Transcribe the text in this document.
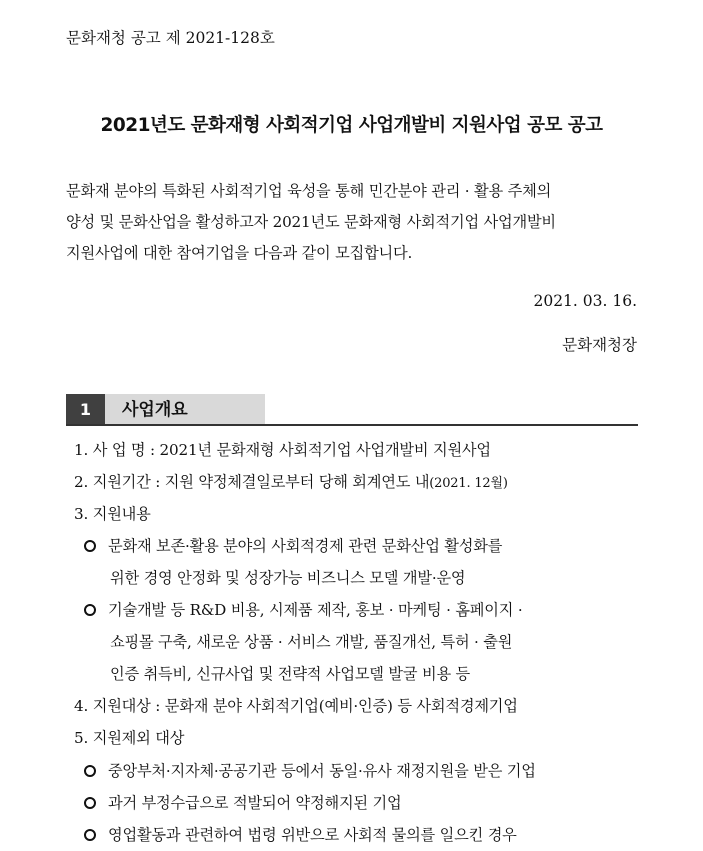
문화재청 공고 제 2021-128호
2021년도 문화재형 사회적기업 사업개발비 지원사업 공모 공고
문화재 분야의 특화된 사회적기업 육성을 통해 민간분야 관리 · 활용 주체의
양성 및 문화산업을 활성하고자 2021년도 문화재형 사회적기업 사업개발비
지원사업에 대한 참여기업을 다음과 같이 모집합니다.
2021. 03. 16.
문화재청장
1	사업개요
1. 사 업 명 : 2021년 문화재형 사회적기업 사업개발비 지원사업
2. 지원기간 : 지원 약정체결일로부터 당해 회계연도 내(2021. 12월)
3. 지원내용
문화재 보존·활용 분야의 사회적경제 관련 문화산업 활성화를
위한 경영 안정화 및 성장가능 비즈니스 모델 개발·운영
기술개발 등 R&D 비용, 시제품 제작, 홍보 · 마케팅 · 홈페이지 ·
쇼핑몰 구축, 새로운 상품 · 서비스 개발, 품질개선, 특허 · 출원
인증 취득비, 신규사업 및 전략적 사업모델 발굴 비용 등
4. 지원대상 : 문화재 분야 사회적기업(예비·인증) 등 사회적경제기업
5. 지원제외 대상
중앙부처·지자체·공공기관 등에서 동일·유사 재정지원을 받은 기업
과거 부정수급으로 적발되어 약정해지된 기업
영업활동과 관련하여 법령 위반으로 사회적 물의를 일으킨 경우
